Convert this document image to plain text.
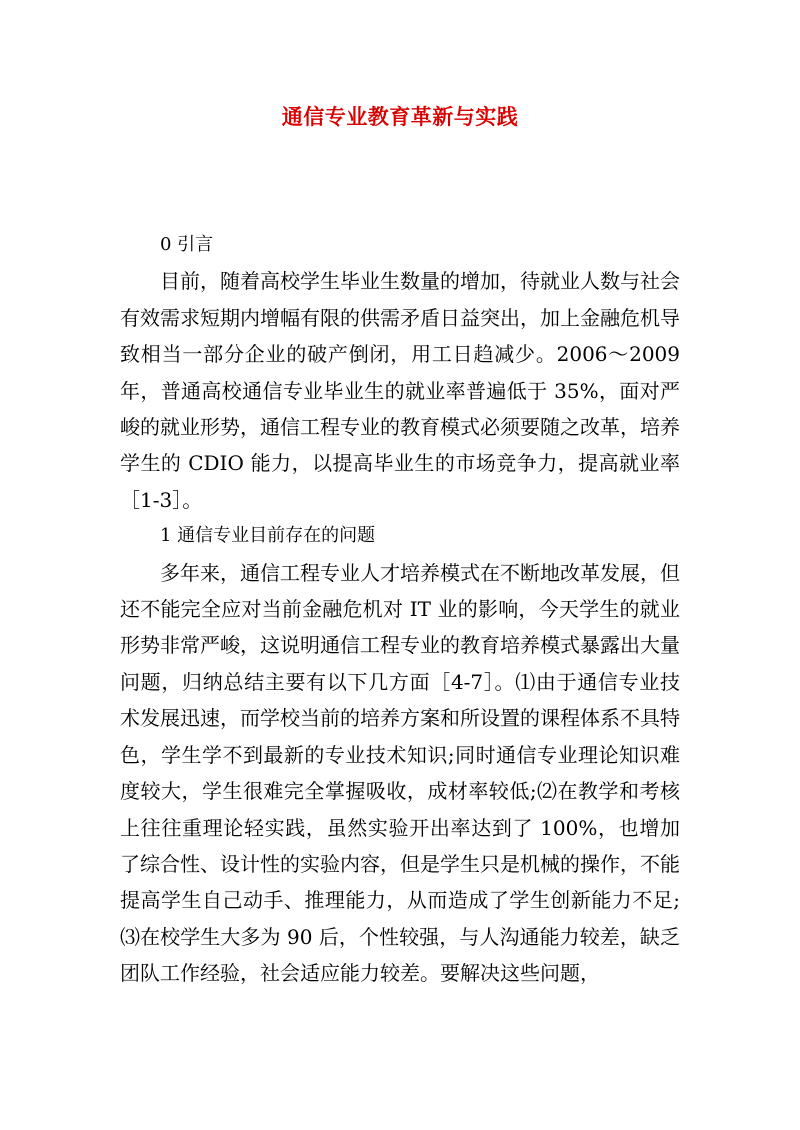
通信专业教育革新与实践

0 引言

目前，随着高校学生毕业生数量的增加，待就业人数与社会有效需求短期内增幅有限的供需矛盾日益突出，加上金融危机导致相当一部分企业的破产倒闭，用工日趋减少。2006～2009 年，普通高校通信专业毕业生的就业率普遍低于 35%，面对严峻的就业形势，通信工程专业的教育模式必须要随之改革，培养学生的 CDIO 能力，以提高毕业生的市场竞争力，提高就业率［1-3］。

1 通信专业目前存在的问题

多年来，通信工程专业人才培养模式在不断地改革发展，但还不能完全应对当前金融危机对 IT 业的影响，今天学生的就业形势非常严峻，这说明通信工程专业的教育培养模式暴露出大量问题，归纳总结主要有以下几方面［4-7］。⑴由于通信专业技术发展迅速，而学校当前的培养方案和所设置的课程体系不具特色，学生学不到最新的专业技术知识;同时通信专业理论知识难度较大，学生很难完全掌握吸收，成材率较低;⑵在教学和考核上往往重理论轻实践，虽然实验开出率达到了 100%，也增加了综合性、设计性的实验内容，但是学生只是机械的操作，不能提高学生自己动手、推理能力，从而造成了学生创新能力不足;⑶在校学生大多为 90 后，个性较强，与人沟通能力较差，缺乏团队工作经验，社会适应能力较差。要解决这些问题，
